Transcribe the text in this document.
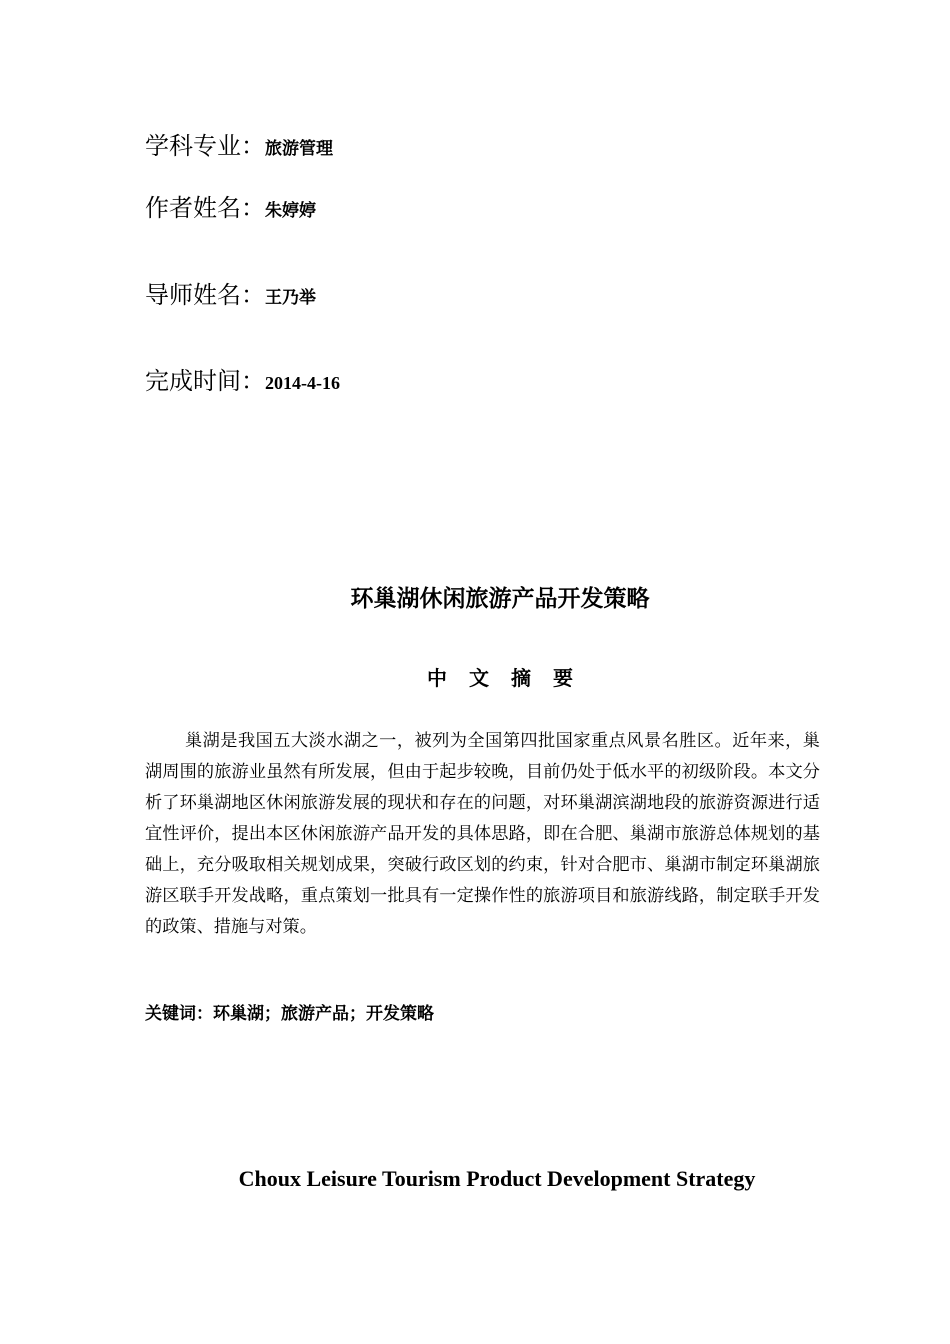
学科专业：旅游管理
作者姓名：朱婷婷
导师姓名：王乃举
完成时间：2014-4-16
环巢湖休闲旅游产品开发策略
中文摘要

巢湖是我国五大淡水湖之一，被列为全国第四批国家重点风景名胜区。近年来，巢湖周围的旅游业虽然有所发展，但由于起步较晚，目前仍处于低水平的初级阶段。本文分析了环巢湖地区休闲旅游发展的现状和存在的问题，对环巢湖滨湖地段的旅游资源进行适宜性评价，提出本区休闲旅游产品开发的具体思路，即在合肥、巢湖市旅游总体规划的基础上，充分吸取相关规划成果，突破行政区划的约束，针对合肥市、巢湖市制定环巢湖旅游区联手开发战略，重点策划一批具有一定操作性的旅游项目和旅游线路，制定联手开发的政策、措施与对策。

关键词：环巢湖；旅游产品；开发策略
Choux Leisure Tourism Product Development Strategy
